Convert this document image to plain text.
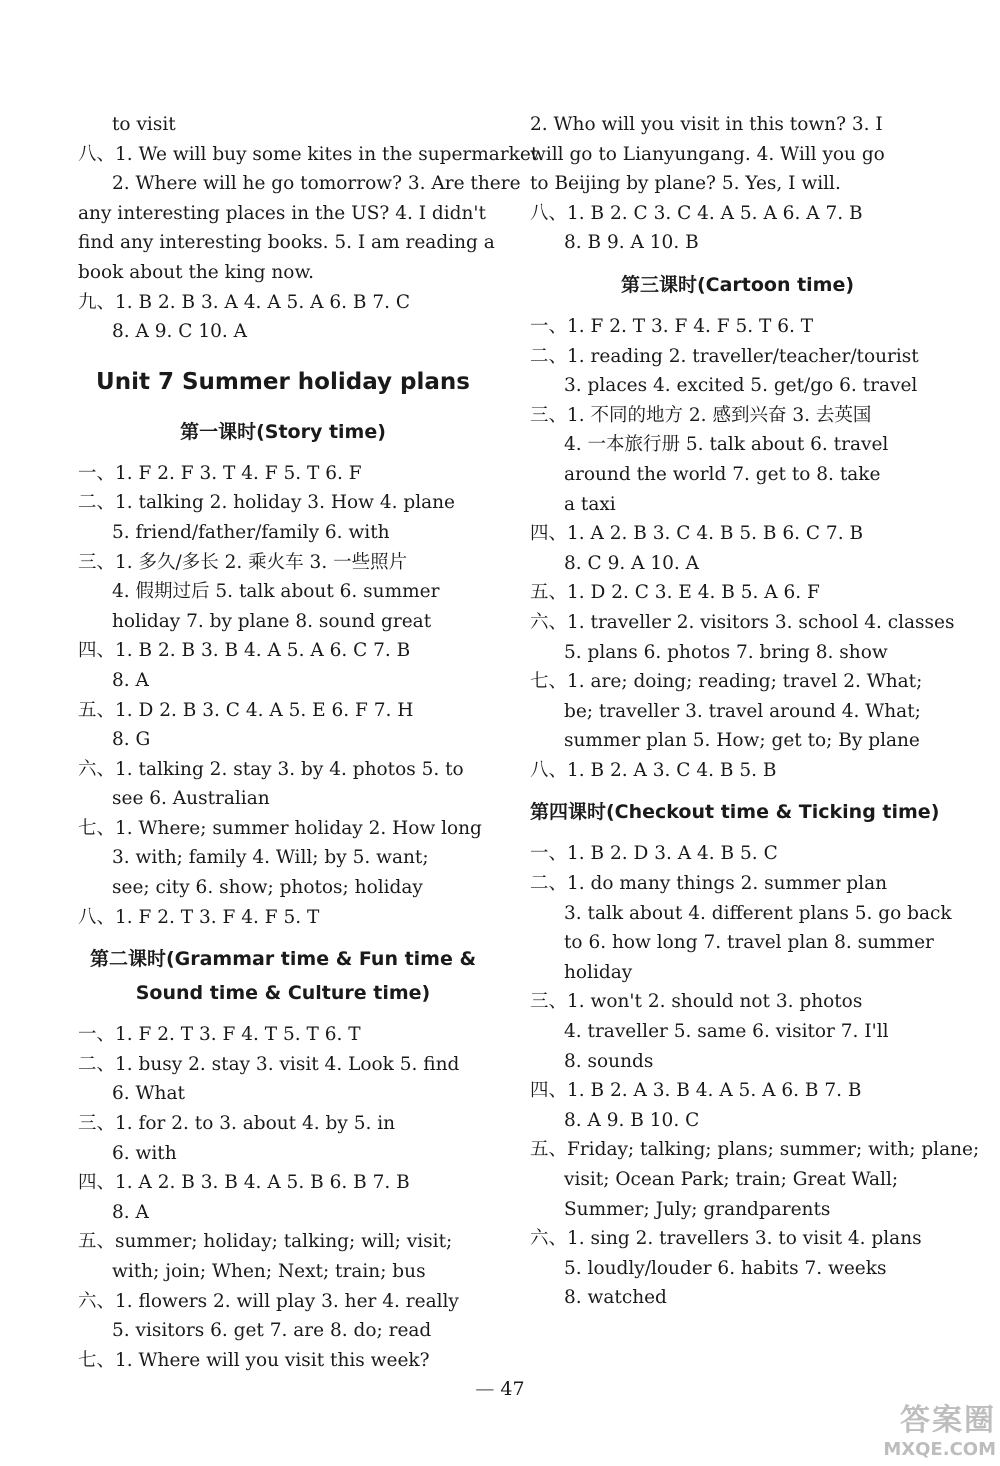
to visit
八、1. We will buy some kites in the supermarket.
2. Where will he go tomorrow? 3. Are there
any interesting places in the US? 4. I didn't
find any interesting books. 5. I am reading a
book about the king now.
九、1. B 2. B 3. A 4. A 5. A 6. B 7. C
8. A 9. C 10. A
Unit 7 Summer holiday plans
第一课时(Story time)
一、1. F 2. F 3. T 4. F 5. T 6. F
二、1. talking 2. holiday 3. How 4. plane
5. friend/father/family 6. with
三、1. 多久/多长 2. 乘火车 3. 一些照片
4. 假期过后 5. talk about 6. summer
holiday 7. by plane 8. sound great
四、1. B 2. B 3. B 4. A 5. A 6. C 7. B
8. A
五、1. D 2. B 3. C 4. A 5. E 6. F 7. H
8. G
六、1. talking 2. stay 3. by 4. photos 5. to
see 6. Australian
七、1. Where; summer holiday 2. How long
3. with; family 4. Will; by 5. want;
see; city 6. show; photos; holiday
八、1. F 2. T 3. F 4. F 5. T
第二课时(Grammar time & Fun time &
Sound time & Culture time)
一、1. F 2. T 3. F 4. T 5. T 6. T
二、1. busy 2. stay 3. visit 4. Look 5. find
6. What
三、1. for 2. to 3. about 4. by 5. in
6. with
四、1. A 2. B 3. B 4. A 5. B 6. B 7. B
8. A
五、summer; holiday; talking; will; visit;
with; join; When; Next; train; bus
六、1. flowers 2. will play 3. her 4. really
5. visitors 6. get 7. are 8. do; read
七、1. Where will you visit this week?
2. Who will you visit in this town? 3. I
will go to Lianyungang. 4. Will you go
to Beijing by plane? 5. Yes, I will.
八、1. B 2. C 3. C 4. A 5. A 6. A 7. B
8. B 9. A 10. B
第三课时(Cartoon time)
一、1. F 2. T 3. F 4. F 5. T 6. T
二、1. reading 2. traveller/teacher/tourist
3. places 4. excited 5. get/go 6. travel
三、1. 不同的地方 2. 感到兴奋 3. 去英国
4. 一本旅行册 5. talk about 6. travel
around the world 7. get to 8. take
a taxi
四、1. A 2. B 3. C 4. B 5. B 6. C 7. B
8. C 9. A 10. A
五、1. D 2. C 3. E 4. B 5. A 6. F
六、1. traveller 2. visitors 3. school 4. classes
5. plans 6. photos 7. bring 8. show
七、1. are; doing; reading; travel 2. What;
be; traveller 3. travel around 4. What;
summer plan 5. How; get to; By plane
八、1. B 2. A 3. C 4. B 5. B
第四课时(Checkout time & Ticking time)
一、1. B 2. D 3. A 4. B 5. C
二、1. do many things 2. summer plan
3. talk about 4. different plans 5. go back
to 6. how long 7. travel plan 8. summer
holiday
三、1. won't 2. should not 3. photos
4. traveller 5. same 6. visitor 7. I'll
8. sounds
四、1. B 2. A 3. B 4. A 5. A 6. B 7. B
8. A 9. B 10. C
五、Friday; talking; plans; summer; with; plane;
visit; Ocean Park; train; Great Wall;
Summer; July; grandparents
六、1. sing 2. travellers 3. to visit 4. plans
5. loudly/louder 6. habits 7. weeks
8. watched
— 47
答案圈
MXQE.COM
